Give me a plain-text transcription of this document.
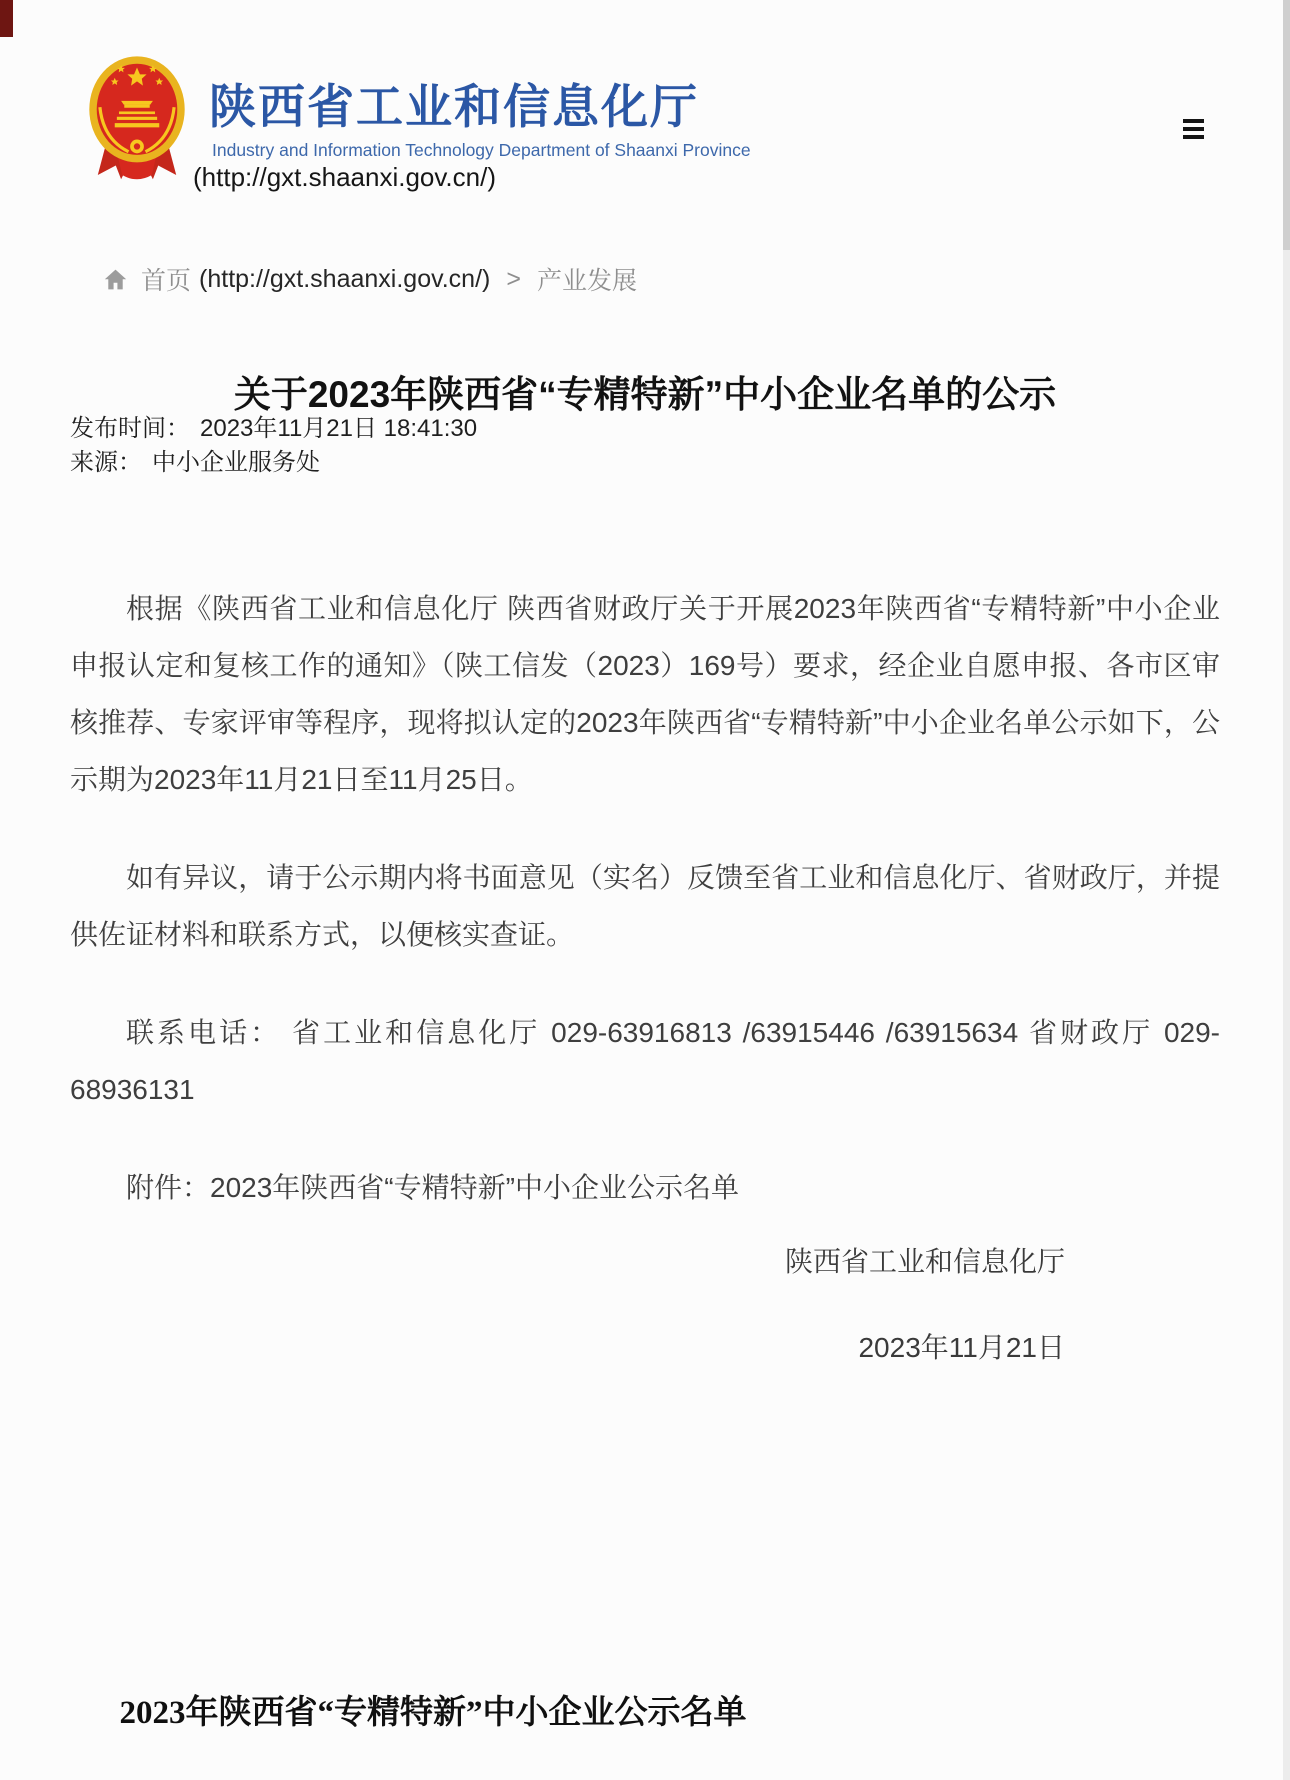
陕西省工业和信息化厅
Industry and Information Technology Department of Shaanxi Province
(http://gxt.shaanxi.gov.cn/)
首页 (http://gxt.shaanxi.gov.cn/) > 产业发展
关于2023年陕西省“专精特新”中小企业名单的公示
发布时间： 2023年11月21日 18:41:30
来源： 中小企业服务处

根据《陕西省工业和信息化厅 陕西省财政厅关于开展2023年陕西省“专精特新”中小企业申报认定和复核工作的通知》（陕工信发（2023）169号）要求，经企业自愿申报、各市区审核推荐、专家评审等程序，现将拟认定的2023年陕西省“专精特新”中小企业名单公示如下，公示期为2023年11月21日至11月25日。

如有异议，请于公示期内将书面意见（实名）反馈至省工业和信息化厅、省财政厅，并提供佐证材料和联系方式，以便核实查证。

联系电话： 省工业和信息化厅 029-63916813 /63915446 /63915634 省财政厅 029-68936131

附件：2023年陕西省“专精特新”中小企业公示名单

陕西省工业和信息化厅
2023年11月21日
2023年陕西省“专精特新”中小企业公示名单
